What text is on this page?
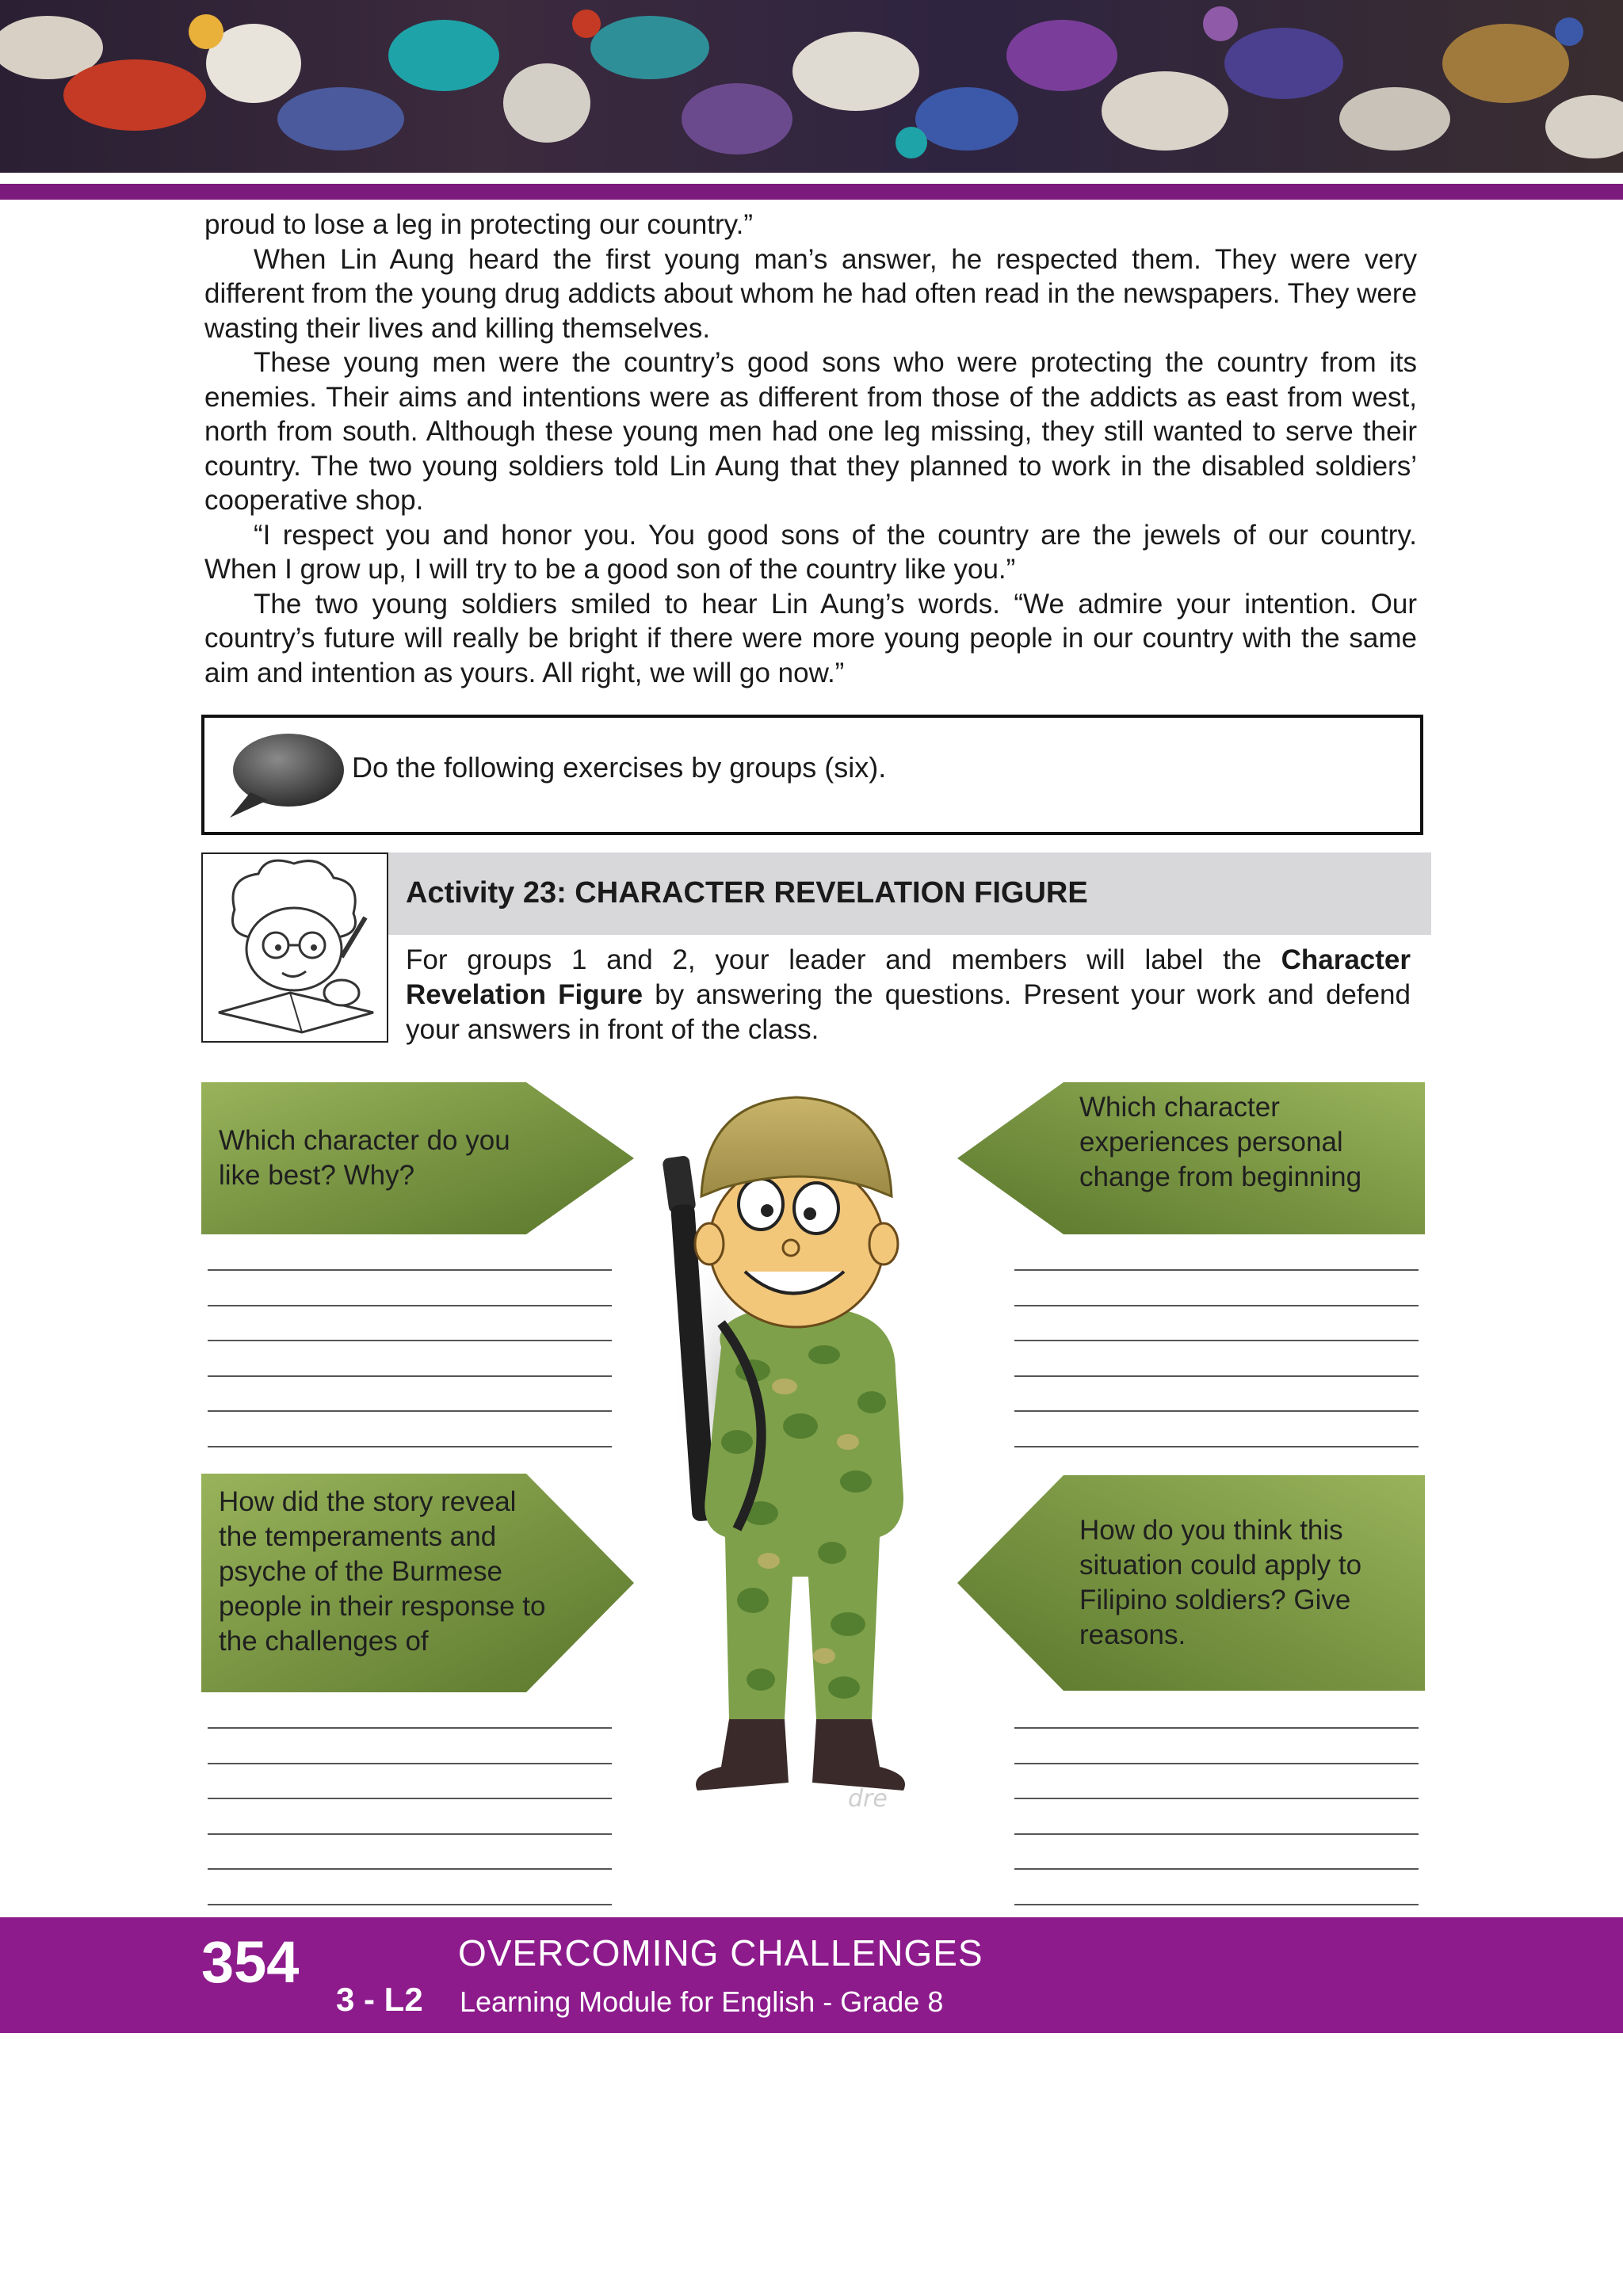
proud to lose a leg in protecting our country.”

When Lin Aung heard the first young man’s answer, he respected them. They were very different from the young drug addicts about whom he had often read in the newspapers. They were wasting their lives and killing themselves.

These young men were the country’s good sons who were protecting the country from its enemies. Their aims and intentions were as different from those of the addicts as east from west, north from south. Although these young men had one leg missing, they still wanted to serve their country. The two young soldiers told Lin Aung that they planned to work in the disabled soldiers’ cooperative shop.

“I respect you and honor you. You good sons of the country are the jewels of our country. When I grow up, I will try to be a good son of the country like you.”

The two young soldiers smiled to hear Lin Aung’s words. “We admire your intention. Our country’s future will really be bright if there were more young people in our country with the same aim and intention as yours. All right, we will go now.”

Do the following exercises by groups (six).
Activity 23: CHARACTER REVELATION FIGURE
For groups 1 and 2, your leader and members will label the Character Revelation Figure by answering the questions. Present your work and defend your answers in front of the class.
Which character do you like best? Why?
Which character experiences personal change from beginning
How did the story reveal the temperaments and psyche of the Burmese people in their response to the challenges of
How do you think this situation could apply to Filipino soldiers? Give reasons.
dre
354
3 - L2
OVERCOMING CHALLENGES
Learning Module for English - Grade 8
